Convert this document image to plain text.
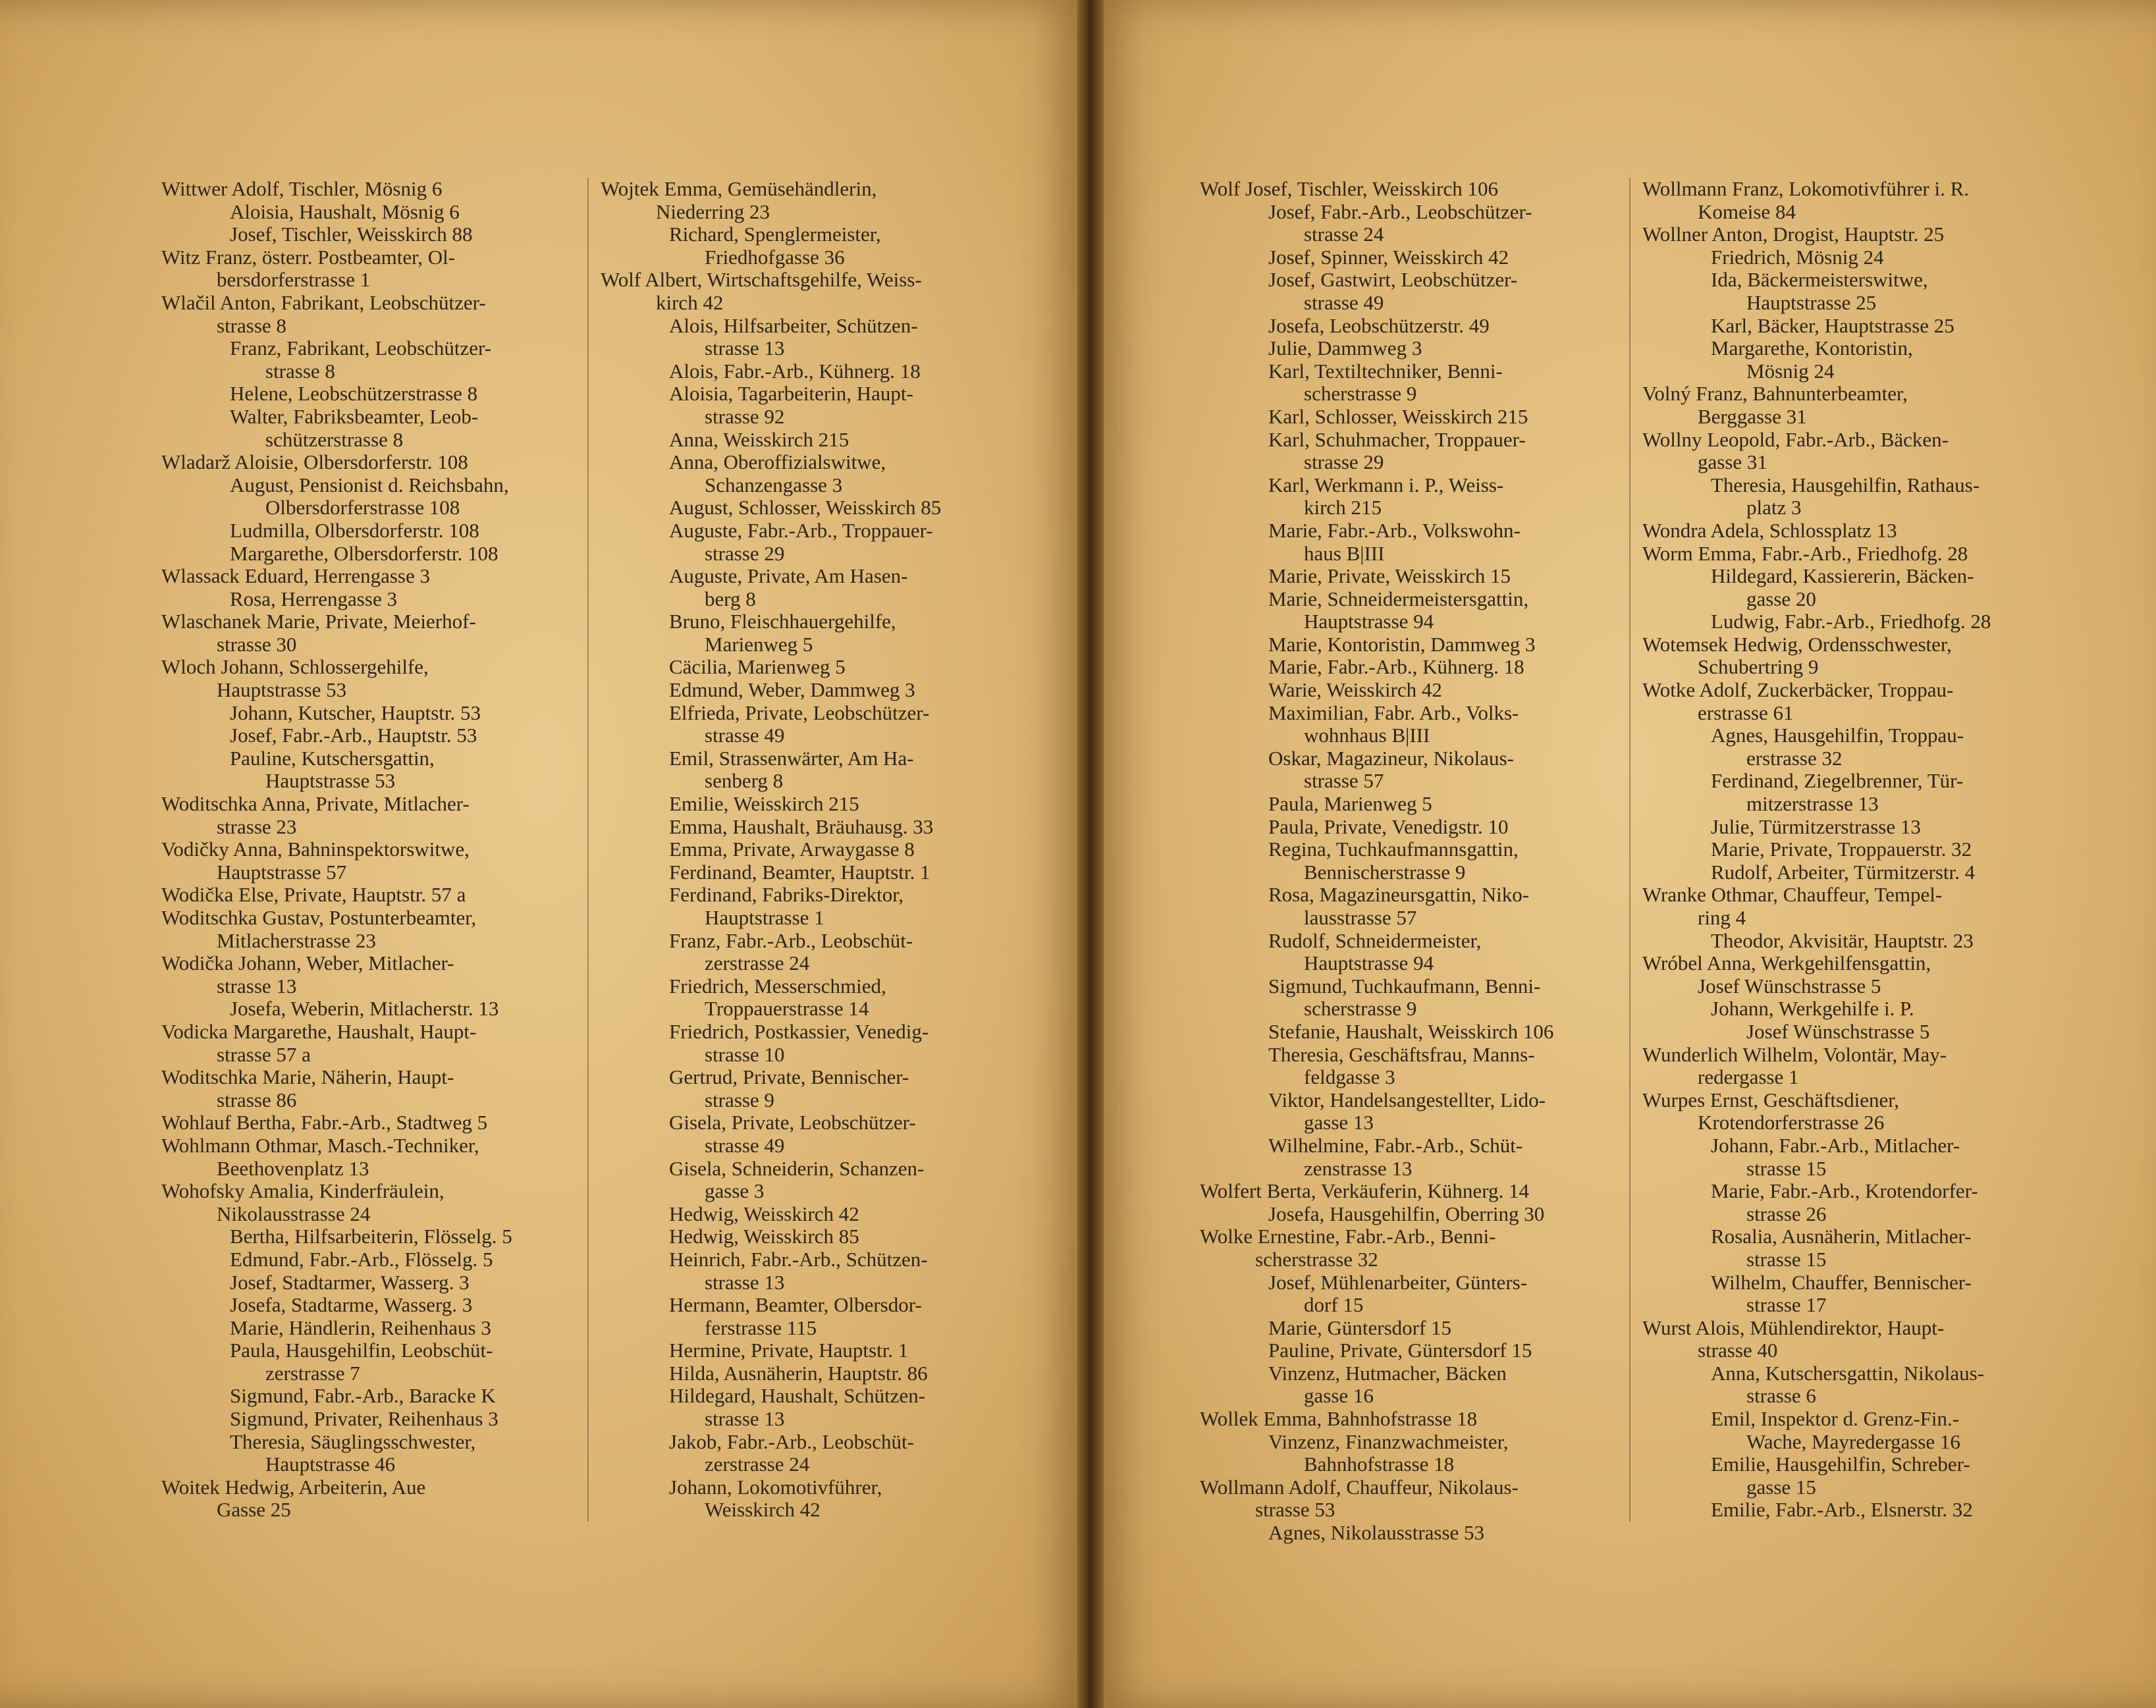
Wittwer Adolf, Tischler, Mösnig 6
Aloisia, Haushalt, Mösnig 6
Josef, Tischler, Weisskirch 88
Witz Franz, österr. Postbeamter, Ol-
bersdorferstrasse 1
Wlačil Anton, Fabrikant, Leobschützer-
strasse 8
Franz, Fabrikant, Leobschützer-
strasse 8
Helene, Leobschützerstrasse 8
Walter, Fabriksbeamter, Leob-
schützerstrasse 8
Wladarž Aloisie, Olbersdorferstr. 108
August, Pensionist d. Reichsbahn,
Olbersdorferstrasse 108
Ludmilla, Olbersdorferstr. 108
Margarethe, Olbersdorferstr. 108
Wlassack Eduard, Herrengasse 3
Rosa, Herrengasse 3
Wlaschanek Marie, Private, Meierhof-
strasse 30
Wloch Johann, Schlossergehilfe,
Hauptstrasse 53
Johann, Kutscher, Hauptstr. 53
Josef, Fabr.-Arb., Hauptstr. 53
Pauline, Kutschersgattin,
Hauptstrasse 53
Woditschka Anna, Private, Mitlacher-
strasse 23
Vodičky Anna, Bahninspektorswitwe,
Hauptstrasse 57
Wodička Else, Private, Hauptstr. 57 a
Woditschka Gustav, Postunterbeamter,
Mitlacherstrasse 23
Wodička Johann, Weber, Mitlacher-
strasse 13
Josefa, Weberin, Mitlacherstr. 13
Vodicka Margarethe, Haushalt, Haupt-
strasse 57 a
Woditschka Marie, Näherin, Haupt-
strasse 86
Wohlauf Bertha, Fabr.-Arb., Stadtweg 5
Wohlmann Othmar, Masch.-Techniker,
Beethovenplatz 13
Wohofsky Amalia, Kinderfräulein,
Nikolausstrasse 24
Bertha, Hilfsarbeiterin, Flösselg. 5
Edmund, Fabr.-Arb., Flösselg. 5
Josef, Stadtarmer, Wasserg. 3
Josefa, Stadtarme, Wasserg. 3
Marie, Händlerin, Reihenhaus 3
Paula, Hausgehilfin, Leobschüt-
zerstrasse 7
Sigmund, Fabr.-Arb., Baracke K
Sigmund, Privater, Reihenhaus 3
Theresia, Säuglingsschwester,
Hauptstrasse 46
Woitek Hedwig, Arbeiterin, Aue
Gasse 25
Wojtek Emma, Gemüsehändlerin,
Niederring 23
Richard, Spenglermeister,
Friedhofgasse 36
Wolf Albert, Wirtschaftsgehilfe, Weiss-
kirch 42
Alois, Hilfsarbeiter, Schützen-
strasse 13
Alois, Fabr.-Arb., Kühnerg. 18
Aloisia, Tagarbeiterin, Haupt-
strasse 92
Anna, Weisskirch 215
Anna, Oberoffizialswitwe,
Schanzengasse 3
August, Schlosser, Weisskirch 85
Auguste, Fabr.-Arb., Troppauer-
strasse 29
Auguste, Private, Am Hasen-
berg 8
Bruno, Fleischhauergehilfe,
Marienweg 5
Cäcilia, Marienweg 5
Edmund, Weber, Dammweg 3
Elfrieda, Private, Leobschützer-
strasse 49
Emil, Strassenwärter, Am Ha-
senberg 8
Emilie, Weisskirch 215
Emma, Haushalt, Bräuhausg. 33
Emma, Private, Arwaygasse 8
Ferdinand, Beamter, Hauptstr. 1
Ferdinand, Fabriks-Direktor,
Hauptstrasse 1
Franz, Fabr.-Arb., Leobschüt-
zerstrasse 24
Friedrich, Messerschmied,
Troppauerstrasse 14
Friedrich, Postkassier, Venedig-
strasse 10
Gertrud, Private, Bennischer-
strasse 9
Gisela, Private, Leobschützer-
strasse 49
Gisela, Schneiderin, Schanzen-
gasse 3
Hedwig, Weisskirch 42
Hedwig, Weisskirch 85
Heinrich, Fabr.-Arb., Schützen-
strasse 13
Hermann, Beamter, Olbersdor-
ferstrasse 115
Hermine, Private, Hauptstr. 1
Hilda, Ausnäherin, Hauptstr. 86
Hildegard, Haushalt, Schützen-
strasse 13
Jakob, Fabr.-Arb., Leobschüt-
zerstrasse 24
Johann, Lokomotivführer,
Weisskirch 42
Wolf Josef, Tischler, Weisskirch 106
Josef, Fabr.-Arb., Leobschützer-
strasse 24
Josef, Spinner, Weisskirch 42
Josef, Gastwirt, Leobschützer-
strasse 49
Josefa, Leobschützerstr. 49
Julie, Dammweg 3
Karl, Textiltechniker, Benni-
scherstrasse 9
Karl, Schlosser, Weisskirch 215
Karl, Schuhmacher, Troppauer-
strasse 29
Karl, Werkmann i. P., Weiss-
kirch 215
Marie, Fabr.-Arb., Volkswohn-
haus B|III
Marie, Private, Weisskirch 15
Marie, Schneidermeistersgattin,
Hauptstrasse 94
Marie, Kontoristin, Dammweg 3
Marie, Fabr.-Arb., Kühnerg. 18
Warie, Weisskirch 42
Maximilian, Fabr. Arb., Volks-
wohnhaus B|III
Oskar, Magazineur, Nikolaus-
strasse 57
Paula, Marienweg 5
Paula, Private, Venedigstr. 10
Regina, Tuchkaufmannsgattin,
Bennischerstrasse 9
Rosa, Magazineursgattin, Niko-
lausstrasse 57
Rudolf, Schneidermeister,
Hauptstrasse 94
Sigmund, Tuchkaufmann, Benni-
scherstrasse 9
Stefanie, Haushalt, Weisskirch 106
Theresia, Geschäftsfrau, Manns-
feldgasse 3
Viktor, Handelsangestellter, Lido-
gasse 13
Wilhelmine, Fabr.-Arb., Schüt-
zenstrasse 13
Wolfert Berta, Verkäuferin, Kühnerg. 14
Josefa, Hausgehilfin, Oberring 30
Wolke Ernestine, Fabr.-Arb., Benni-
scherstrasse 32
Josef, Mühlenarbeiter, Günters-
dorf 15
Marie, Güntersdorf 15
Pauline, Private, Güntersdorf 15
Vinzenz, Hutmacher, Bäcken
gasse 16
Wollek Emma, Bahnhofstrasse 18
Vinzenz, Finanzwachmeister,
Bahnhofstrasse 18
Wollmann Adolf, Chauffeur, Nikolaus-
strasse 53
Agnes, Nikolausstrasse 53
Wollmann Franz, Lokomotivführer i. R.
Komeise 84
Wollner Anton, Drogist, Hauptstr. 25
Friedrich, Mösnig 24
Ida, Bäckermeisterswitwe,
Hauptstrasse 25
Karl, Bäcker, Hauptstrasse 25
Margarethe, Kontoristin,
Mösnig 24
Volný Franz, Bahnunterbeamter,
Berggasse 31
Wollny Leopold, Fabr.-Arb., Bäcken-
gasse 31
Theresia, Hausgehilfin, Rathaus-
platz 3
Wondra Adela, Schlossplatz 13
Worm Emma, Fabr.-Arb., Friedhofg. 28
Hildegard, Kassiererin, Bäcken-
gasse 20
Ludwig, Fabr.-Arb., Friedhofg. 28
Wotemsek Hedwig, Ordensschwester,
Schubertring 9
Wotke Adolf, Zuckerbäcker, Troppau-
erstrasse 61
Agnes, Hausgehilfin, Troppau-
erstrasse 32
Ferdinand, Ziegelbrenner, Tür-
mitzerstrasse 13
Julie, Türmitzerstrasse 13
Marie, Private, Troppauerstr. 32
Rudolf, Arbeiter, Türmitzerstr. 4
Wranke Othmar, Chauffeur, Tempel-
ring 4
Theodor, Akvisitär, Hauptstr. 23
Wróbel Anna, Werkgehilfensgattin,
Josef Wünschstrasse 5
Johann, Werkgehilfe i. P.
Josef Wünschstrasse 5
Wunderlich Wilhelm, Volontär, May-
redergasse 1
Wurpes Ernst, Geschäftsdiener,
Krotendorferstrasse 26
Johann, Fabr.-Arb., Mitlacher-
strasse 15
Marie, Fabr.-Arb., Krotendorfer-
strasse 26
Rosalia, Ausnäherin, Mitlacher-
strasse 15
Wilhelm, Chauffer, Bennischer-
strasse 17
Wurst Alois, Mühlendirektor, Haupt-
strasse 40
Anna, Kutschersgattin, Nikolaus-
strasse 6
Emil, Inspektor d. Grenz-Fin.-
Wache, Mayredergasse 16
Emilie, Hausgehilfin, Schreber-
gasse 15
Emilie, Fabr.-Arb., Elsnerstr. 32
